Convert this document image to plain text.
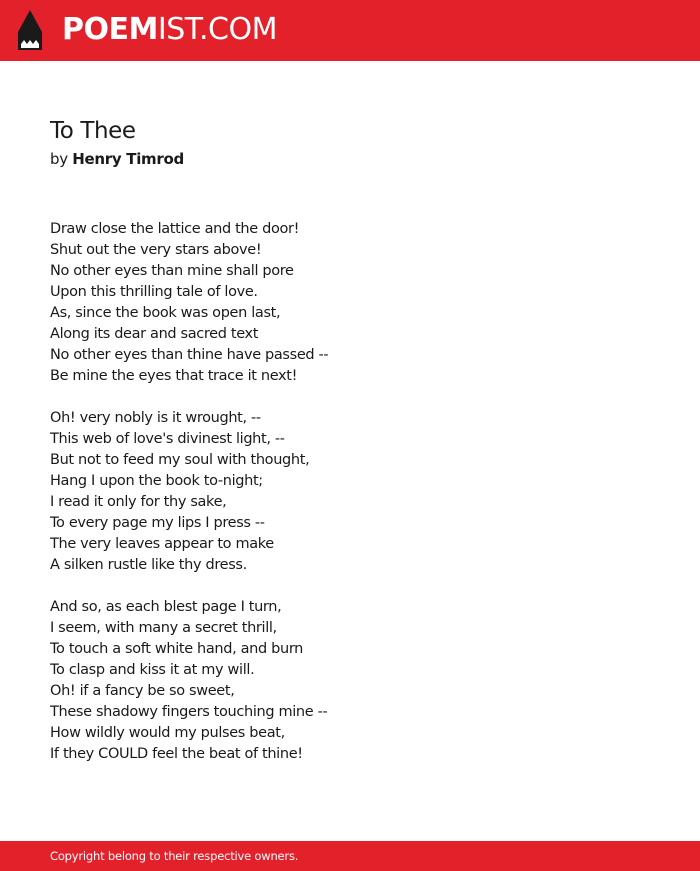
POEMIST.COM
To Thee
by Henry Timrod
Draw close the lattice and the door!
Shut out the very stars above!
No other eyes than mine shall pore
Upon this thrilling tale of love.
As, since the book was open last,
Along its dear and sacred text
No other eyes than thine have passed --
Be mine the eyes that trace it next!
Oh! very nobly is it wrought, --
This web of love's divinest light, --
But not to feed my soul with thought,
Hang I upon the book to-night;
I read it only for thy sake,
To every page my lips I press --
The very leaves appear to make
A silken rustle like thy dress.
And so, as each blest page I turn,
I seem, with many a secret thrill,
To touch a soft white hand, and burn
To clasp and kiss it at my will.
Oh! if a fancy be so sweet,
These shadowy fingers touching mine --
How wildly would my pulses beat,
If they COULD feel the beat of thine!
Copyright belong to their respective owners.
